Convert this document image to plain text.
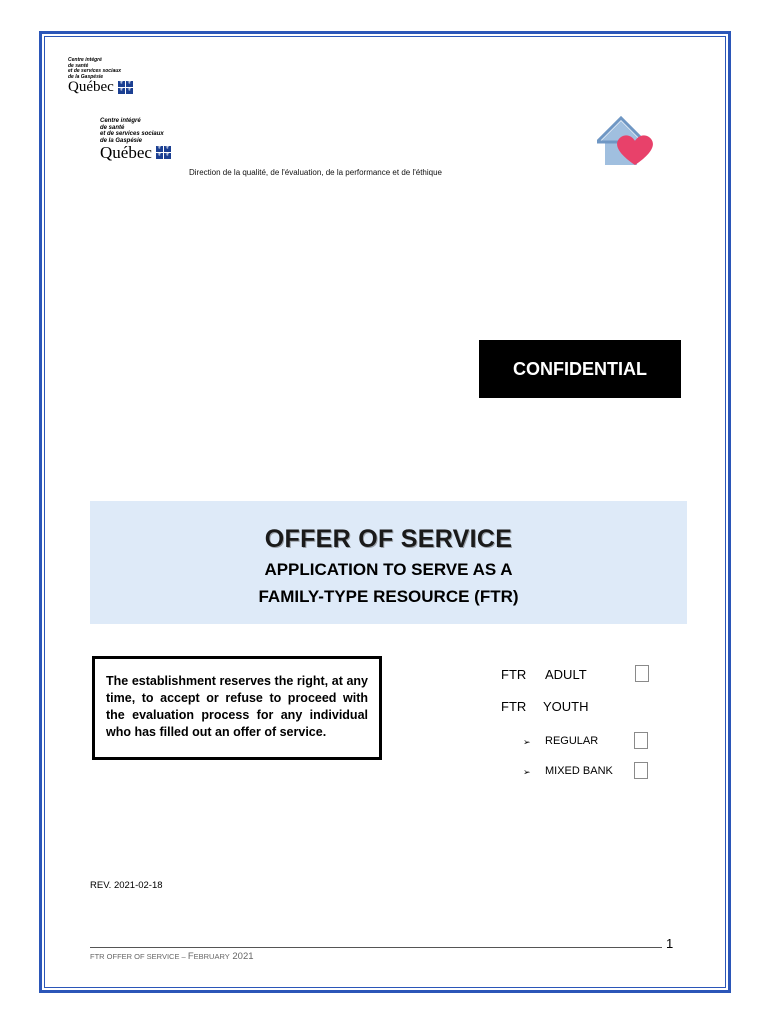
Centre intégré
de santé
et de services sociaux
de la Gaspésie
Québec ⚜ ⚜
⚜ ⚜
Centre intégré
de santé
et de services sociaux
de la Gaspésie
Québec ⚜ ⚜
⚜ ⚜
Direction de la qualité, de l'évaluation, de la performance et de l'éthique
CONFIDENTIAL
OFFER OF SERVICE
APPLICATION TO SERVE AS A
FAMILY-TYPE RESOURCE (FTR)
The establishment reserves the right, at any time, to accept or refuse to proceed with the evaluation process for any individual who has filled out an offer of service.
FTR ADULT
FTR YOUTH
➢ REGULAR
➢ MIXED BANK
REV. 2021-02-18
1
FTR OFFER OF SERVICE – FEBRUARY 2021
